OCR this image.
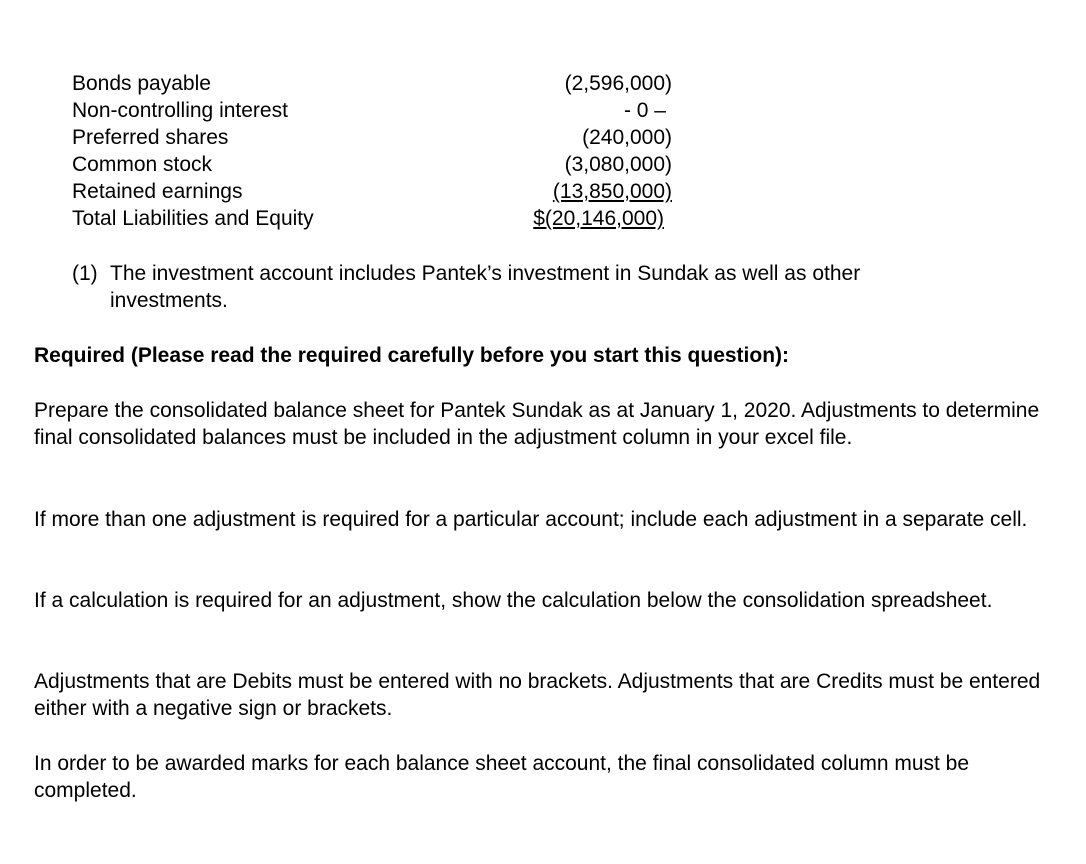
Bonds payable	(2,596,000)
Non-controlling interest	- 0 –
Preferred shares	(240,000)
Common stock	(3,080,000)
Retained earnings	(13,850,000)
Total Liabilities and Equity	$(20,146,000)
(1) The investment account includes Pantek’s investment in Sundak as well as other investments.

Required (Please read the required carefully before you start this question):

Prepare the consolidated balance sheet for Pantek Sundak as at January 1, 2020. Adjustments to determine final consolidated balances must be included in the adjustment column in your excel file.

If more than one adjustment is required for a particular account; include each adjustment in a separate cell.

If a calculation is required for an adjustment, show the calculation below the consolidation spreadsheet.

Adjustments that are Debits must be entered with no brackets. Adjustments that are Credits must be entered either with a negative sign or brackets.

In order to be awarded marks for each balance sheet account, the final consolidated column must be completed.
